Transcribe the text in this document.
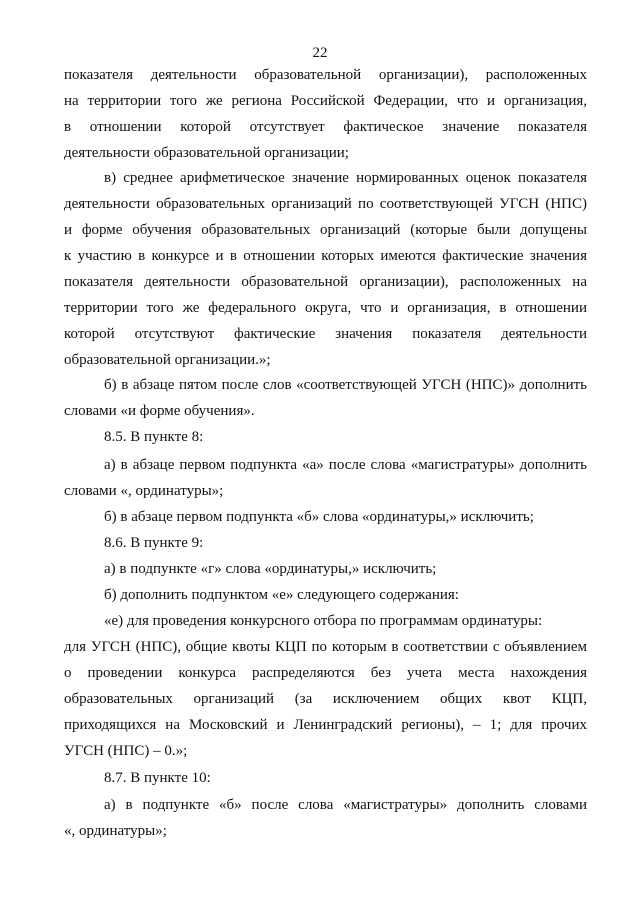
22
показателя деятельности образовательной организации), расположенных
на территории того же региона Российской Федерации, что и организация,
в отношении которой отсутствует фактическое значение показателя
деятельности образовательной организации;
в) среднее арифметическое значение нормированных оценок показателя
деятельности образовательных организаций по соответствующей УГСН (НПС)
и форме обучения образовательных организаций (которые были допущены
к участию в конкурсе и в отношении которых имеются фактические значения
показателя деятельности образовательной организации), расположенных на
территории того же федерального округа, что и организация, в отношении
которой отсутствуют фактические значения показателя деятельности
образовательной организации.»;
б) в абзаце пятом после слов «соответствующей УГСН (НПС)» дополнить
словами «и форме обучения».
8.5. В пункте 8:
а) в абзаце первом подпункта «а» после слова «магистратуры» дополнить
словами «, ординатуры»;
б) в абзаце первом подпункта «б» слова «ординатуры,» исключить;
8.6. В пункте 9:
а) в подпункте «г» слова «ординатуры,» исключить;
б) дополнить подпунктом «е» следующего содержания:
«е) для проведения конкурсного отбора по программам ординатуры:
для УГСН (НПС), общие квоты КЦП по которым в соответствии с объявлением
о проведении конкурса распределяются без учета места нахождения
образовательных организаций (за исключением общих квот КЦП,
приходящихся на Московский и Ленинградский регионы), – 1; для прочих
УГСН (НПС) – 0.»;
8.7. В пункте 10:
а) в подпункте «б» после слова «магистратуры» дополнить словами
«, ординатуры»;
